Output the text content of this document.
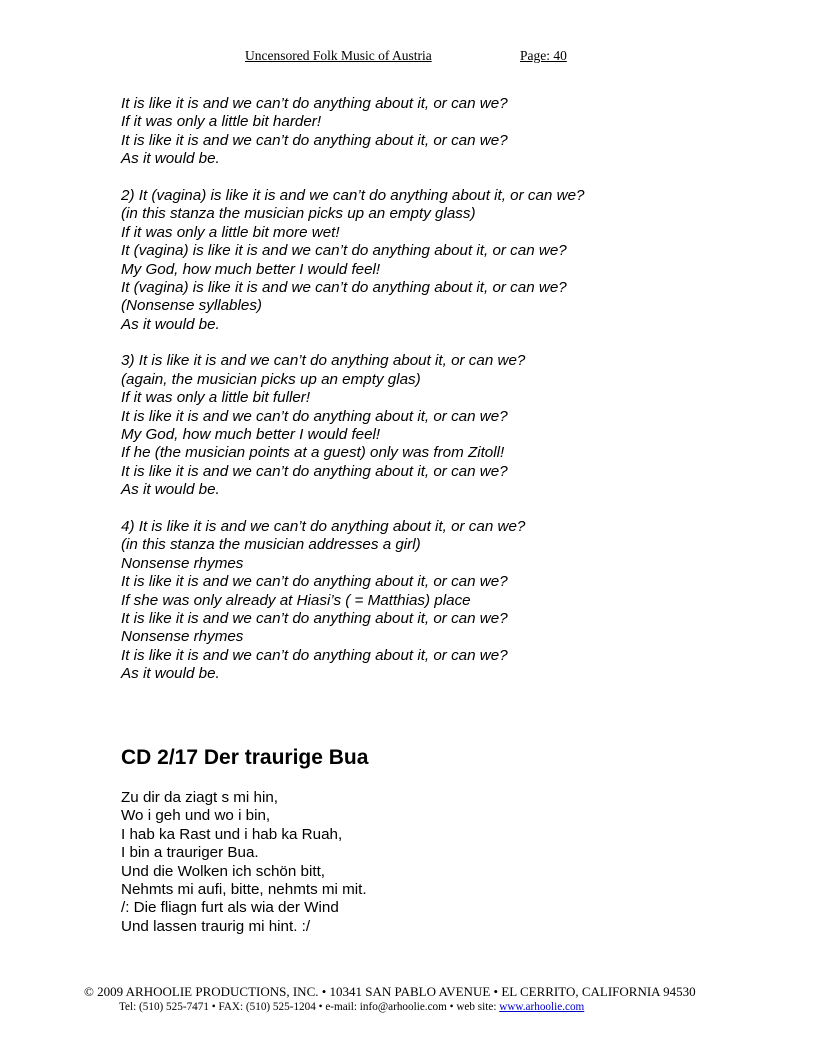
Uncensored Folk Music of Austria	Page: 40
It is like it is and we can’t do anything about it, or can we?
If it was only a little bit harder!
It is like it is and we can’t do anything about it, or can we?
As it would be.
2) It (vagina) is like it is and we can’t do anything about it, or can we?
(in this stanza the musician picks up an empty glass)
If it was only a little bit more wet!
It (vagina) is like it is and we can’t do anything about it, or can we?
My God, how much better I would feel!
It (vagina) is like it is and we can’t do anything about it, or can we?
(Nonsense syllables)
As it would be.
3) It is like it is and we can’t do anything about it, or can we?
(again, the musician picks up an empty glas)
If it was only a little bit fuller!
It is like it is and we can’t do anything about it, or can we?
My God, how much better I would feel!
If he (the musician points at a guest) only was from Zitoll!
It is like it is and we can’t do anything about it, or can we?
As it would be.
4) It is like it is and we can’t do anything about it, or can we?
(in this stanza the musician addresses a girl)
Nonsense rhymes
It is like it is and we can’t do anything about it, or can we?
If she was only already at Hiasi’s ( = Matthias) place
It is like it is and we can’t do anything about it, or can we?
Nonsense rhymes
It is like it is and we can’t do anything about it, or can we?
As it would be.
CD 2/17 Der traurige Bua
Zu dir da ziagt s mi hin,
Wo i geh und wo i bin,
I hab ka Rast und i hab ka Ruah,
I bin a trauriger Bua.
Und die Wolken ich schön bitt,
Nehmts mi aufi, bitte, nehmts mi mit.
/: Die fliagn furt als wia der Wind
Und lassen traurig mi hint. :/
© 2009 ARHOOLIE PRODUCTIONS, INC. • 10341 SAN PABLO AVENUE • EL CERRITO, CALIFORNIA 94530
Tel: (510) 525-7471 • FAX: (510) 525-1204 • e-mail: info@arhoolie.com • web site: www.arhoolie.com
